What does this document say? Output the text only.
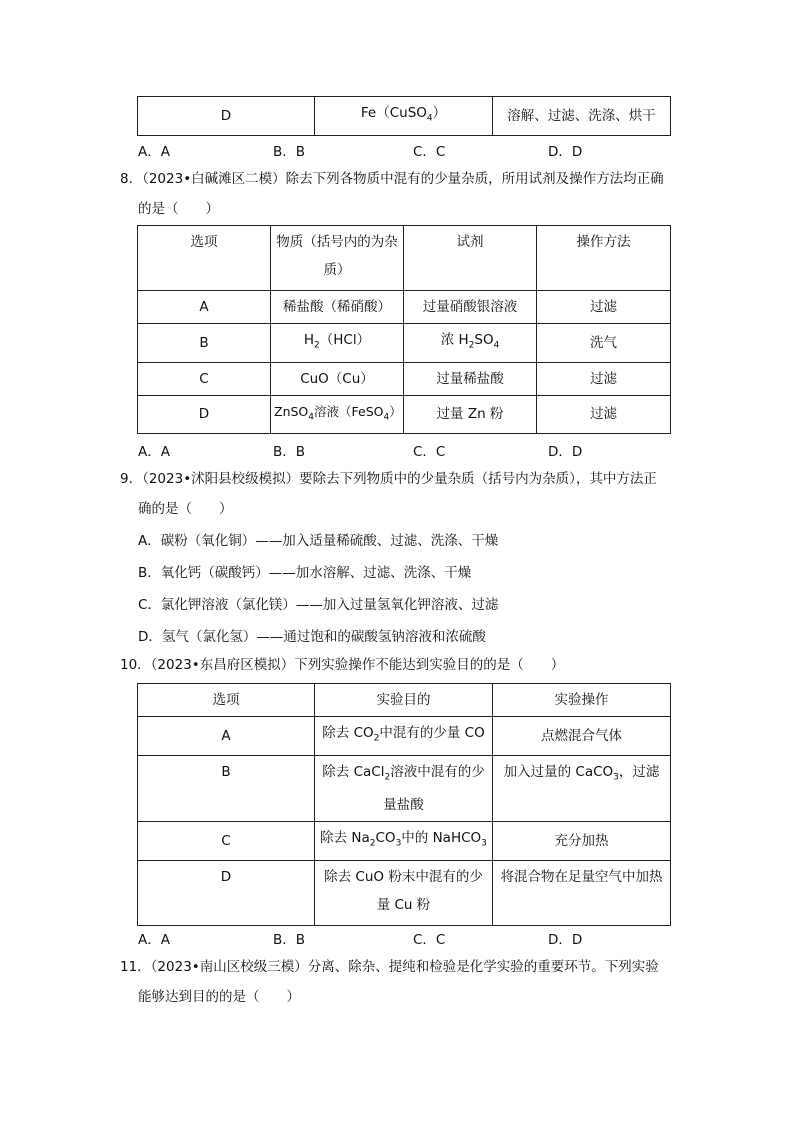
D	Fe（CuSO$_4$）	溶解、过滤、洗涤、烘干
A．A	B．B	C．C	D．D
8．（2023•白碱滩区二模）除去下列各物质中混有的少量杂质，所用试剂及操作方法均正确
的是（　　）
选项	物质（括号内的为杂质）	试剂	操作方法
A	稀盐酸（稀硝酸）	过量硝酸银溶液	过滤
B	$H_2(HCl)$	浓 $H_2SO_4$	洗气
C	CuO（Cu）	过量稀盐酸	过滤
D	ZnSO$_4$溶液（FeSO$_4$）	过量 Zn 粉	过滤
A．A	B．B	C．C	D．D
9．（2023•沭阳县校级模拟）要除去下列物质中的少量杂质（括号内为杂质），其中方法正
确的是（　　）
A．碳粉（氧化铜）——加入适量稀硫酸、过滤、洗涤、干燥
B．氧化钙（碳酸钙）——加水溶解、过滤、洗涤、干燥
C．氯化钾溶液（氯化镁）——加入过量氢氧化钾溶液、过滤
D．氢气（氯化氢）——通过饱和的碳酸氢钠溶液和浓硫酸
10．（2023•东昌府区模拟）下列实验操作不能达到实验目的的是（　　）
选项	实验目的	实验操作
A	除去 $CO_2$中混有的少量 CO	点燃混合气体
B	除去 CaCl$_2$溶液中混有的少量盐酸	加入过量的 CaCO$_3$，过滤
C	除去 $Na_2CO_3$中的 NaHCO$_3$	充分加热
D	除去 CuO 粉末中混有的少量 Cu 粉	将混合物在足量空气中加热
A．A	B．B	C．C	D．D
11．（2023•南山区校级三模）分离、除杂、提纯和检验是化学实验的重要环节。下列实验
能够达到目的的是（　　）
